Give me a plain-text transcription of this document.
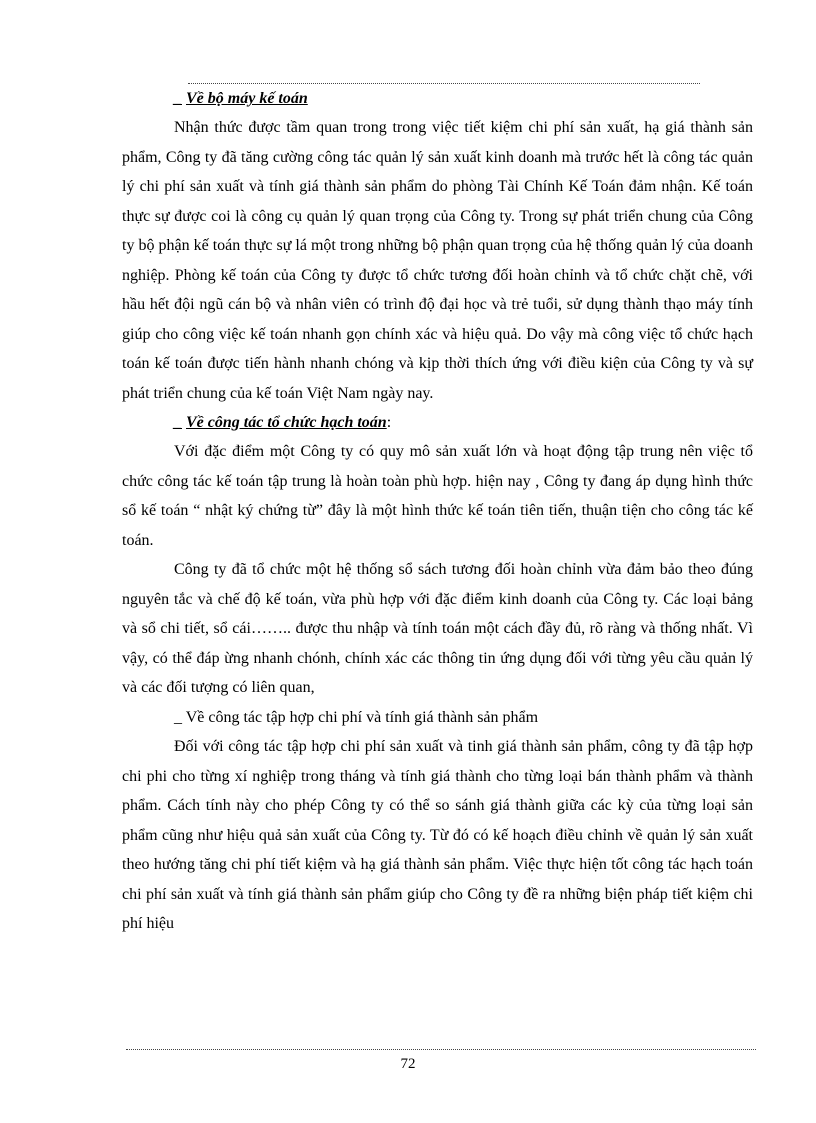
_ Về bộ máy kế toán

Nhận thức được tầm quan trong trong việc tiết kiệm chi phí sản xuất, hạ giá thành sản phẩm, Công ty đã tăng cường công tác quản lý sản xuất kinh doanh mà trước hết là công tác quản lý chi phí sản xuất và tính giá thành sản phẩm do phòng Tài Chính Kế Toán đảm nhận. Kế toán thực sự được coi là công cụ quản lý quan trọng của Công ty. Trong sự phát triển chung của Công ty bộ phận kế toán thực sự lá một trong những bộ phận quan trọng của hệ thống quản lý của doanh nghiệp. Phòng kế toán của Công ty được tổ chức tương đối hoàn chỉnh và tổ chức chặt chẽ, với hầu hết đội ngũ cán bộ và nhân viên có trình độ đại học và trẻ tuổi, sử dụng thành thạo máy tính giúp cho công việc kế toán nhanh gọn chính xác và hiệu quả. Do vậy mà công việc tổ chức hạch toán kế toán được tiến hành nhanh chóng và kịp thời thích ứng với điều kiện của Công ty và sự phát triển chung của kế toán Việt Nam ngày nay.

_ Về công tác tổ chức hạch toán:

Với đặc điểm một Công ty có quy mô sản xuất lớn và hoạt động tập trung nên việc tổ chức công tác kế toán tập trung là hoàn toàn phù hợp. hiện nay , Công ty đang áp dụng hình thức sổ kế toán “ nhật ký chứng từ” đây là một hình thức kế toán tiên tiến, thuận tiện cho công tác kế toán.

Công ty đã tổ chức một hệ thống sổ sách tương đối hoàn chỉnh vừa đảm bảo theo đúng nguyên tắc và chế độ kế toán, vừa phù hợp với đặc điểm kinh doanh của Công ty. Các loại bảng và sổ chi tiết, sổ cái…….. được thu nhập và tính toán một cách đầy đủ, rõ ràng và thống nhất. Vì vậy, có thể đáp ừng nhanh chónh, chính xác các thông tin ứng dụng đối với từng yêu cầu quản lý và các đối tượng có liên quan,

_ Về công tác tập hợp chi phí và tính giá thành sản phẩm

Đối với công tác tập hợp chi phí sản xuất và tinh giá thành sản phẩm, công ty đã tập hợp chi phi cho từng xí nghiệp trong tháng và tính giá thành cho từng loại bán thành phẩm và thành phẩm. Cách tính này cho phép Công ty có thể so sánh giá thành giữa các kỳ của từng loại sản phẩm cũng như hiệu quả sản xuất của Công ty. Từ đó có kế hoạch điều chỉnh về quản lý sản xuất theo hướng tăng chi phí tiết kiệm và hạ giá thành sản phẩm. Việc thực hiện tốt công tác hạch toán chi phí sản xuất và tính giá thành sản phẩm giúp cho Công ty đề ra những biện pháp tiết kiệm chi phí hiệu

72
